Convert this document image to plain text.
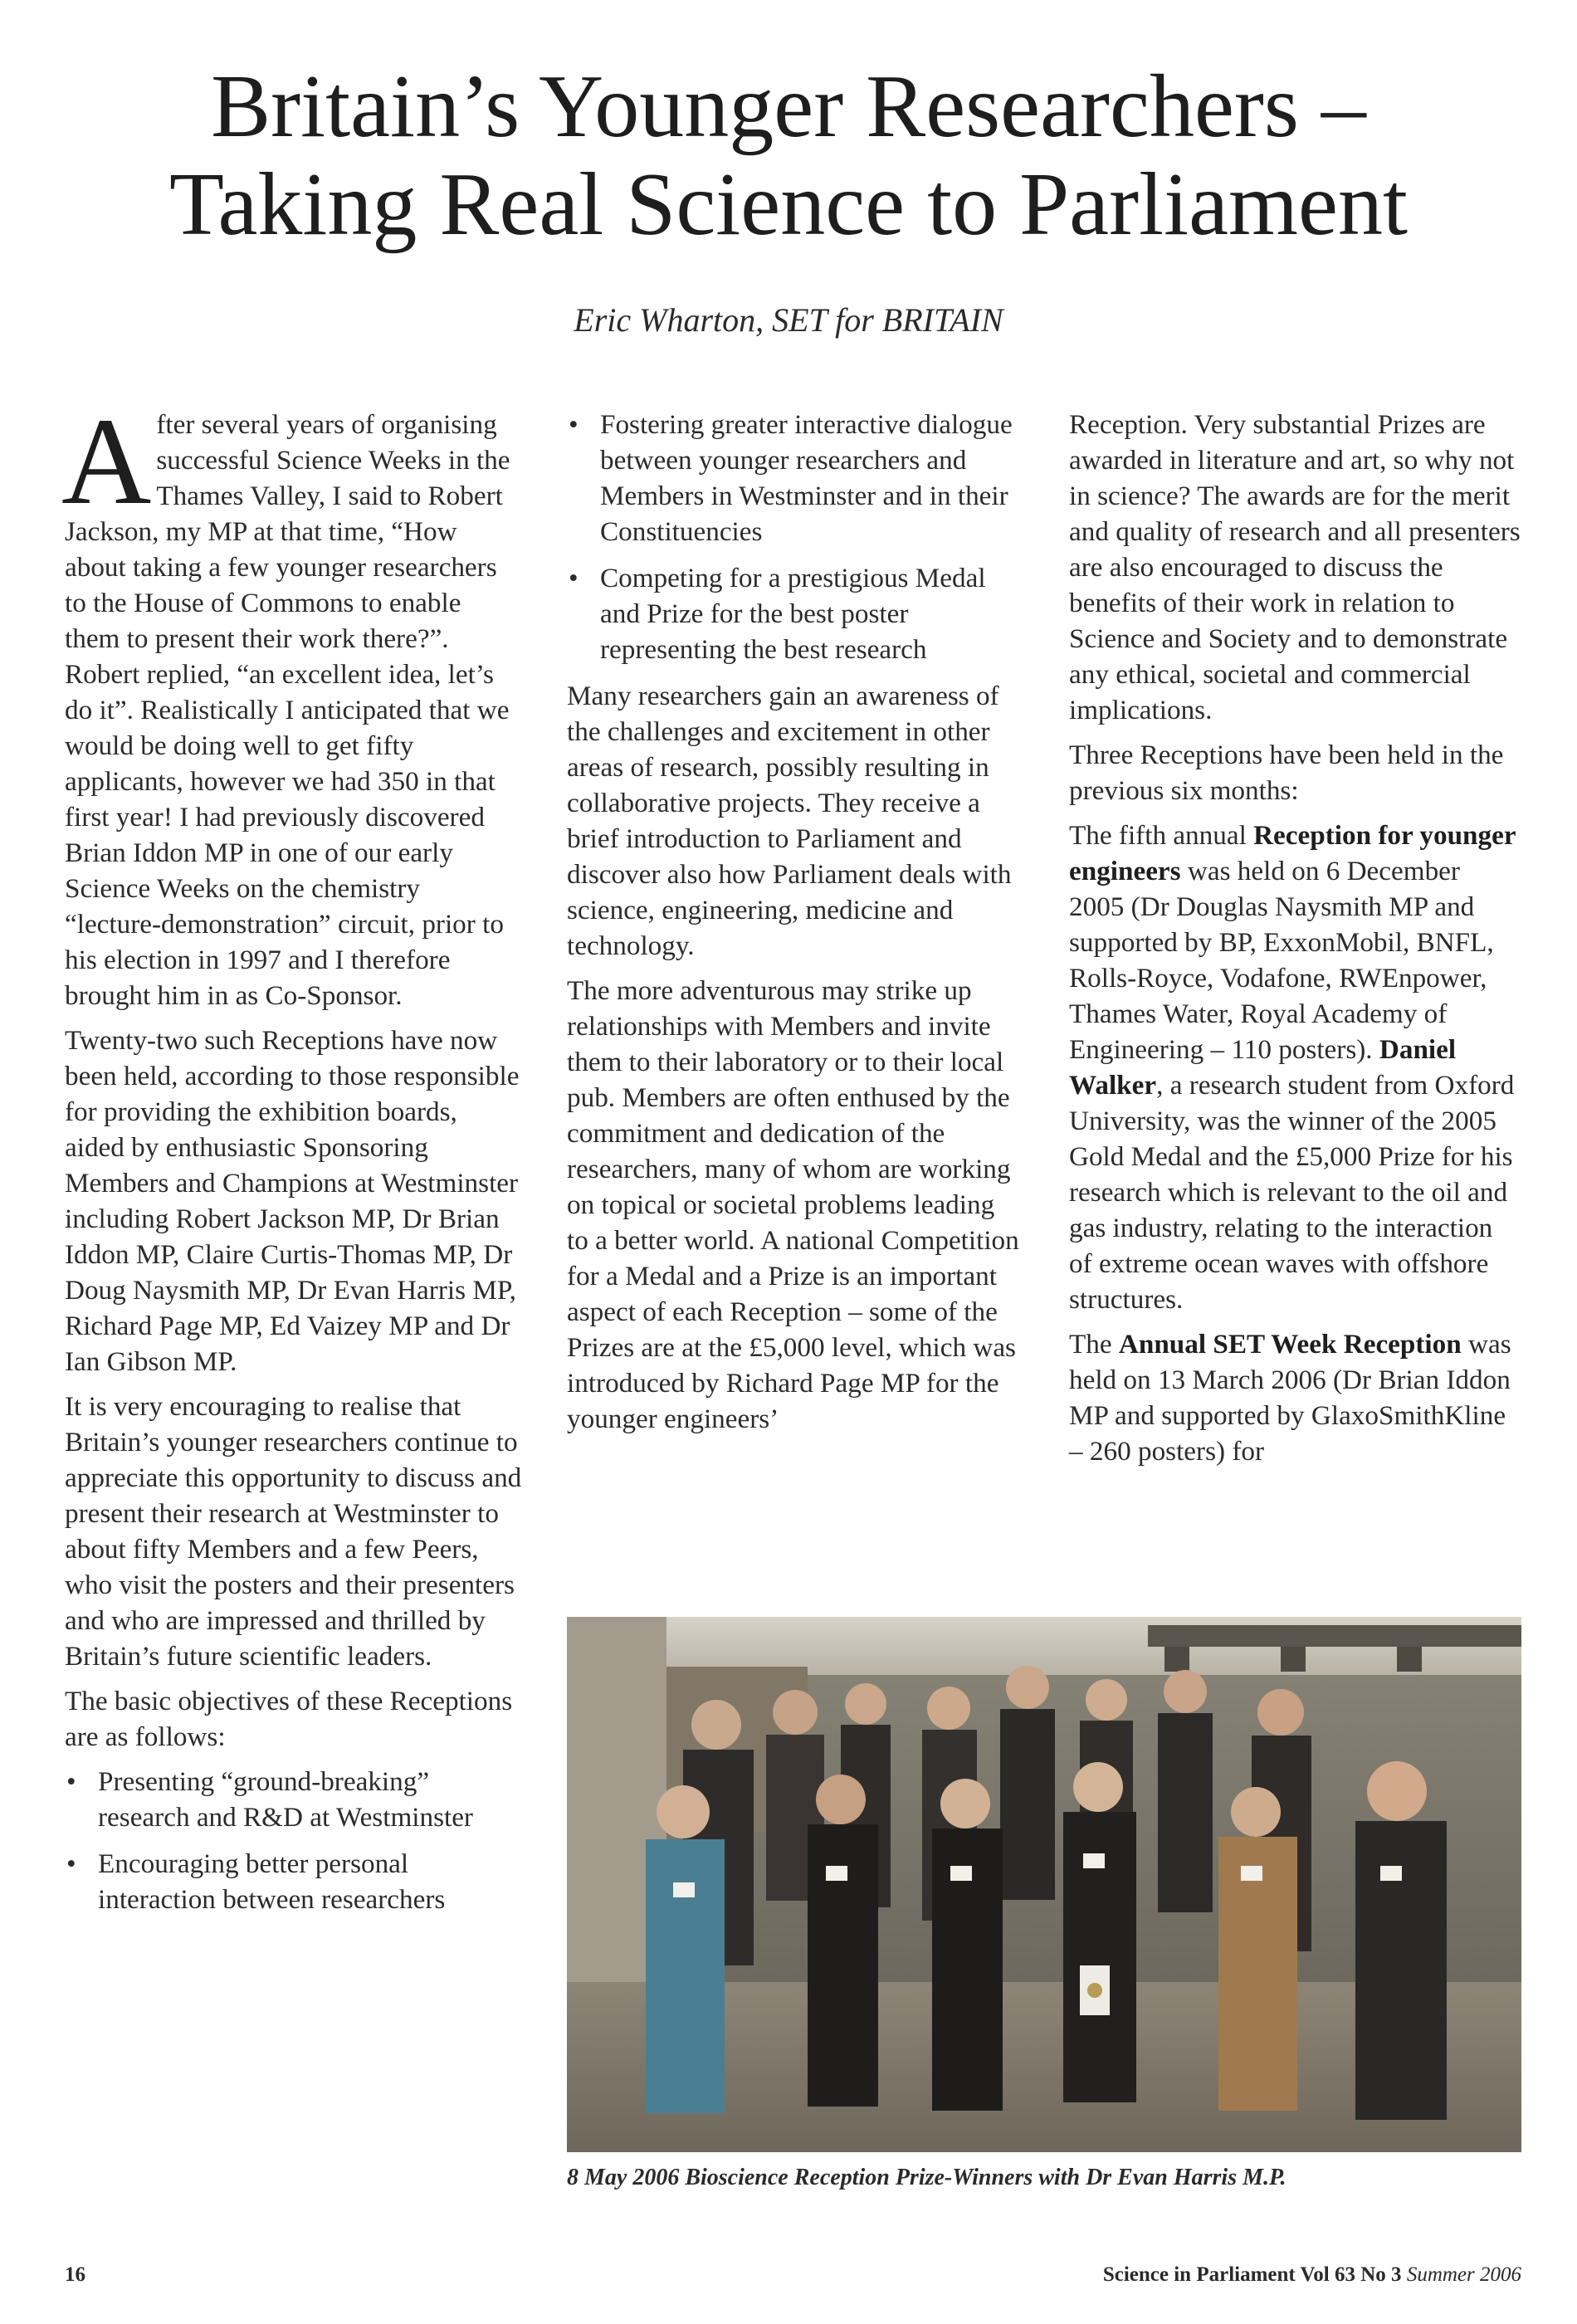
Britain’s Younger Researchers –
Taking Real Science to Parliament
Eric Wharton, SET for BRITAIN

After several years of organising successful Science Weeks in the Thames Valley, I said to Robert Jackson, my MP at that time, “How about taking a few younger researchers to the House of Commons to enable them to present their work there?”. Robert replied, “an excellent idea, let’s do it”. Realistically I anticipated that we would be doing well to get fifty applicants, however we had 350 in that first year! I had previously discovered Brian Iddon MP in one of our early Science Weeks on the chemistry “lecture-demonstration” circuit, prior to his election in 1997 and I therefore brought him in as Co-Sponsor.

Twenty-two such Receptions have now been held, according to those responsible for providing the exhibition boards, aided by enthusiastic Sponsoring Members and Champions at Westminster including Robert Jackson MP, Dr Brian Iddon MP, Claire Curtis-Thomas MP, Dr Doug Naysmith MP, Dr Evan Harris MP, Richard Page MP, Ed Vaizey MP and Dr Ian Gibson MP.

It is very encouraging to realise that Britain’s younger researchers continue to appreciate this opportunity to discuss and present their research at Westminster to about fifty Members and a few Peers, who visit the posters and their presenters and who are impressed and thrilled by Britain’s future scientific leaders.

The basic objectives of these Receptions are as follows:

• Presenting “ground-breaking” research and R&D at Westminster
• Encouraging better personal interaction between researchers
• Fostering greater interactive dialogue between younger researchers and Members in Westminster and in their Constituencies
• Competing for a prestigious Medal and Prize for the best poster representing the best research

Many researchers gain an awareness of the challenges and excitement in other areas of research, possibly resulting in collaborative projects. They receive a brief introduction to Parliament and discover also how Parliament deals with science, engineering, medicine and technology.

The more adventurous may strike up relationships with Members and invite them to their laboratory or to their local pub. Members are often enthused by the commitment and dedication of the researchers, many of whom are working on topical or societal problems leading to a better world. A national Competition for a Medal and a Prize is an important aspect of each Reception – some of the Prizes are at the £5,000 level, which was introduced by Richard Page MP for the younger engineers’

Reception. Very substantial Prizes are awarded in literature and art, so why not in science? The awards are for the merit and quality of research and all presenters are also encouraged to discuss the benefits of their work in relation to Science and Society and to demonstrate any ethical, societal and commercial implications.

Three Receptions have been held in the previous six months:

The fifth annual Reception for younger engineers was held on 6 December 2005 (Dr Douglas Naysmith MP and supported by BP, ExxonMobil, BNFL, Rolls-Royce, Vodafone, RWEnpower, Thames Water, Royal Academy of Engineering – 110 posters). Daniel Walker, a research student from Oxford University, was the winner of the 2005 Gold Medal and the £5,000 Prize for his research which is relevant to the oil and gas industry, relating to the interaction of extreme ocean waves with offshore structures.

The Annual SET Week Reception was held on 13 March 2006 (Dr Brian Iddon MP and supported by GlaxoSmithKline – 260 posters) for

8 May 2006 Bioscience Reception Prize-Winners with Dr Evan Harris M.P.
16	Science in Parliament Vol 63 No 3 Summer 2006
